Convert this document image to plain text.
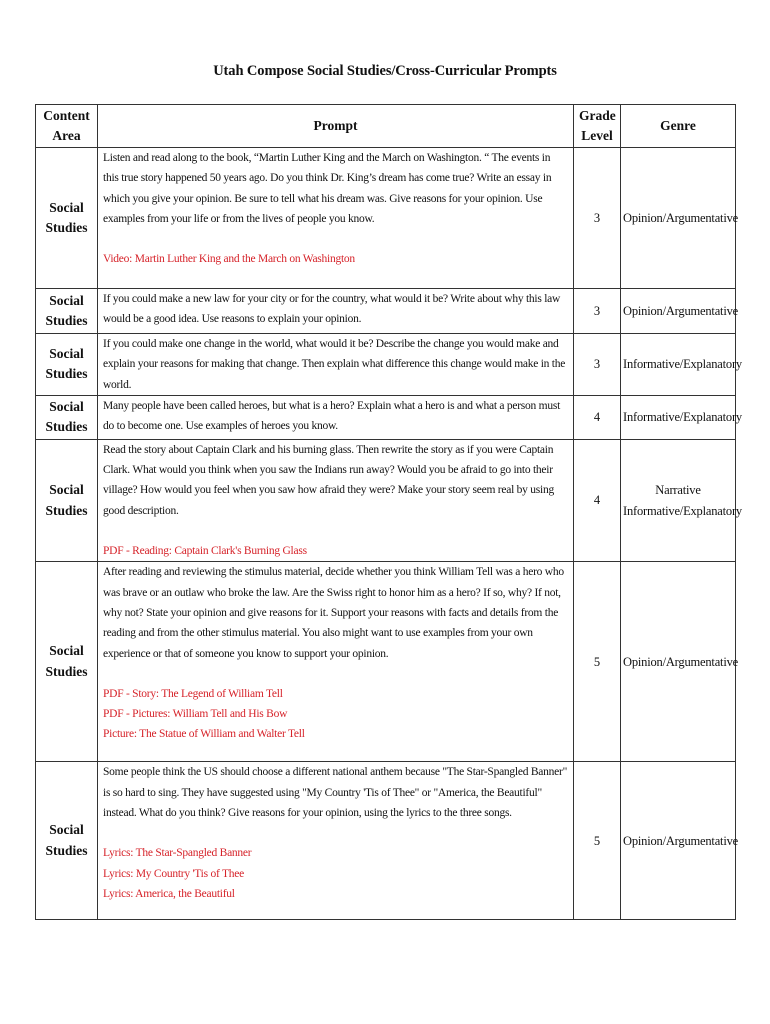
Utah Compose Social Studies/Cross-Curricular Prompts
Content
Area	Prompt	Grade
Level	Genre
Social
Studies	Listen and read along to the book, “Martin Luther King and the March on Washington. “ The events in this true story happened 50 years ago. Do you think Dr. King’s dream has come true? Write an essay in which you give your opinion. Be sure to tell what his dream was. Give reasons for your opinion. Use examples from your life or from the lives of people you know.
Video: Martin Luther King and the March on Washington	3	Opinion/Argumentative
Social
Studies	If you could make a new law for your city or for the country, what would it be? Write about why this law would be a good idea. Use reasons to explain your opinion.	3	Opinion/Argumentative
Social
Studies	If you could make one change in the world, what would it be? Describe the change you would make and explain your reasons for making that change. Then explain what difference this change would make in the world.	3	Informative/Explanatory
Social
Studies	Many people have been called heroes, but what is a hero? Explain what a hero is and what a person must do to become one. Use examples of heroes you know.	4	Informative/Explanatory
Social
Studies	Read the story about Captain Clark and his burning glass. Then rewrite the story as if you were Captain Clark. What would you think when you saw the Indians run away? Would you be afraid to go into their village? How would you feel when you saw how afraid they were? Make your story seem real by using good description.
PDF - Reading: Captain Clark's Burning Glass	4	Narrative
Informative/Explanatory
Social
Studies	After reading and reviewing the stimulus material, decide whether you think William Tell was a hero who was brave or an outlaw who broke the law. Are the Swiss right to honor him as a hero? If so, why? If not, why not? State your opinion and give reasons for it. Support your reasons with facts and details from the reading and from the other stimulus material. You also might want to use examples from your own experience or that of someone you know to support your opinion.
PDF - Story: The Legend of William Tell
PDF - Pictures: William Tell and His Bow
Picture: The Statue of William and Walter Tell	5	Opinion/Argumentative
Social
Studies	Some people think the US should choose a different national anthem because "The Star-Spangled Banner" is so hard to sing. They have suggested using "My Country 'Tis of Thee" or "America, the Beautiful" instead. What do you think? Give reasons for your opinion, using the lyrics to the three songs.
Lyrics: The Star-Spangled Banner
Lyrics: My Country 'Tis of Thee
Lyrics: America, the Beautiful	5	Opinion/Argumentative
